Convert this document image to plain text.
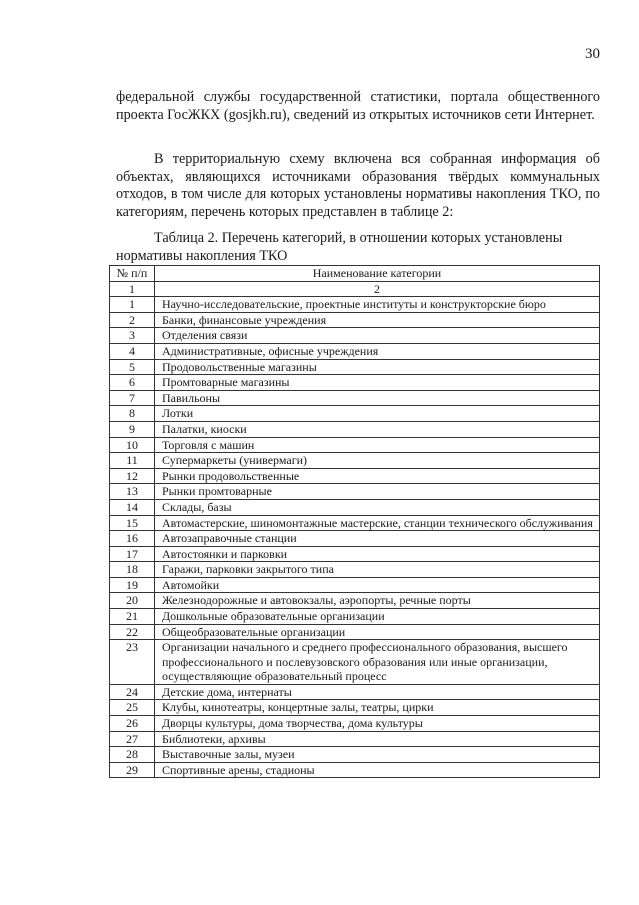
30

федеральной службы государственной статистики, портала общественного проекта ГосЖКХ (gosjkh.ru), сведений из открытых источников сети Интернет.

В территориальную схему включена вся собранная информация об объектах, являющихся источниками образования твёрдых коммунальных отходов, в том числе для которых установлены нормативы накопления ТКО, по категориям, перечень которых представлен в таблице 2:

Таблица 2. Перечень категорий, в отношении которых установлены нормативы накопления ТКО

№ п/п	Наименование категории
1	2
1	Научно-исследовательские, проектные институты и конструкторские бюро
2	Банки, финансовые учреждения
3	Отделения связи
4	Административные, офисные учреждения
5	Продовольственные магазины
6	Промтоварные магазины
7	Павильоны
8	Лотки
9	Палатки, киоски
10	Торговля с машин
11	Супермаркеты (универмаги)
12	Рынки продовольственные
13	Рынки промтоварные
14	Склады, базы
15	Автомастерские, шиномонтажные мастерские, станции технического обслуживания
16	Автозаправочные станции
17	Автостоянки и парковки
18	Гаражи, парковки закрытого типа
19	Автомойки
20	Железнодорожные и автовокзалы, аэропорты, речные порты
21	Дошкольные образовательные организации
22	Общеобразовательные организации
23	Организации начального и среднего профессионального образования, высшего профессионального и послевузовского образования или иные организации, осуществляющие образовательный процесс
24	Детские дома, интернаты
25	Клубы, кинотеатры, концертные залы, театры, цирки
26	Дворцы культуры, дома творчества, дома культуры
27	Библиотеки, архивы
28	Выставочные залы, музеи
29	Спортивные арены, стадионы
